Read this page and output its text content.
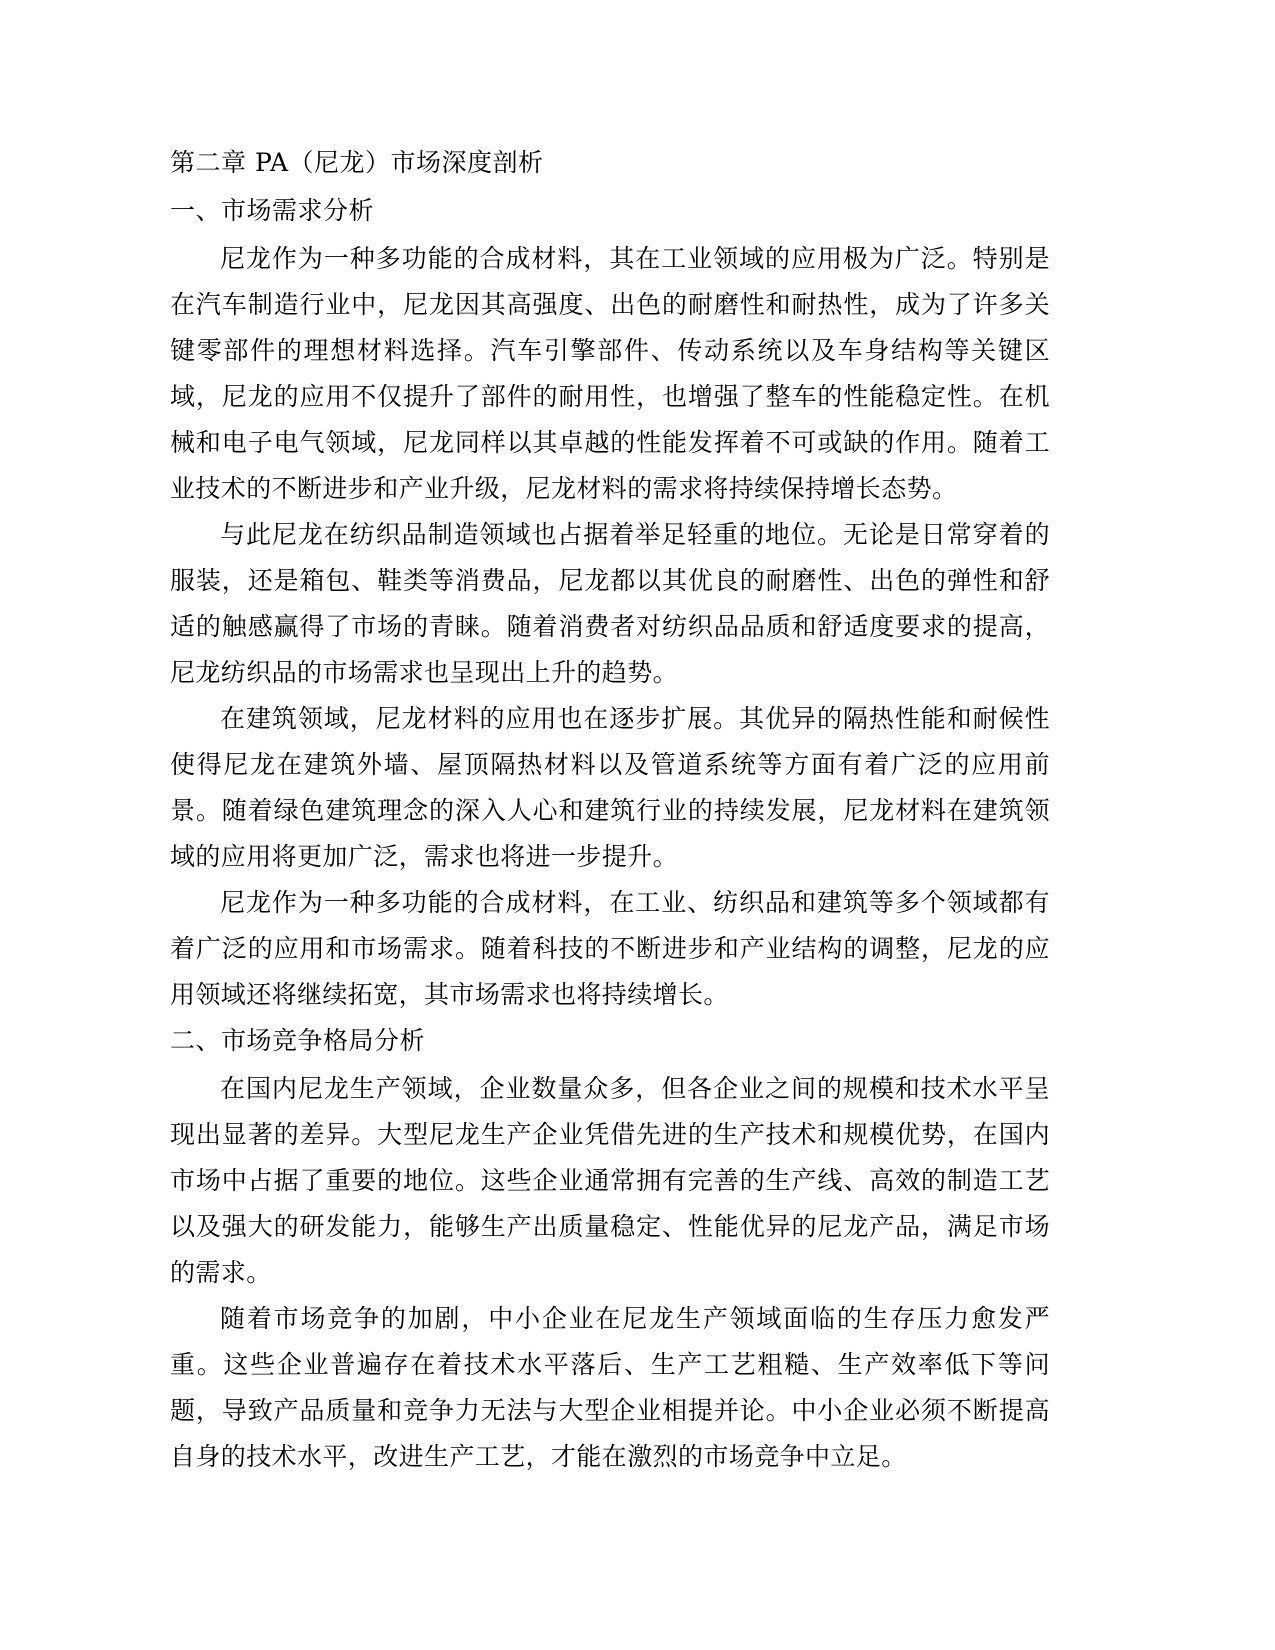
第二章 PA（尼龙）市场深度剖析

一、市场需求分析

尼龙作为一种多功能的合成材料，其在工业领域的应用极为广泛。特别是在汽车制造行业中，尼龙因其高强度、出色的耐磨性和耐热性，成为了许多关键零部件的理想材料选择。汽车引擎部件、传动系统以及车身结构等关键区域，尼龙的应用不仅提升了部件的耐用性，也增强了整车的性能稳定性。在机械和电子电气领域，尼龙同样以其卓越的性能发挥着不可或缺的作用。随着工业技术的不断进步和产业升级，尼龙材料的需求将持续保持增长态势。

与此尼龙在纺织品制造领域也占据着举足轻重的地位。无论是日常穿着的服装，还是箱包、鞋类等消费品，尼龙都以其优良的耐磨性、出色的弹性和舒适的触感赢得了市场的青睐。随着消费者对纺织品品质和舒适度要求的提高，尼龙纺织品的市场需求也呈现出上升的趋势。

在建筑领域，尼龙材料的应用也在逐步扩展。其优异的隔热性能和耐候性使得尼龙在建筑外墙、屋顶隔热材料以及管道系统等方面有着广泛的应用前景。随着绿色建筑理念的深入人心和建筑行业的持续发展，尼龙材料在建筑领域的应用将更加广泛，需求也将进一步提升。

尼龙作为一种多功能的合成材料，在工业、纺织品和建筑等多个领域都有着广泛的应用和市场需求。随着科技的不断进步和产业结构的调整，尼龙的应用领域还将继续拓宽，其市场需求也将持续增长。

二、市场竞争格局分析

在国内尼龙生产领域，企业数量众多，但各企业之间的规模和技术水平呈现出显著的差异。大型尼龙生产企业凭借先进的生产技术和规模优势，在国内市场中占据了重要的地位。这些企业通常拥有完善的生产线、高效的制造工艺以及强大的研发能力，能够生产出质量稳定、性能优异的尼龙产品，满足市场的需求。

随着市场竞争的加剧，中小企业在尼龙生产领域面临的生存压力愈发严重。这些企业普遍存在着技术水平落后、生产工艺粗糙、生产效率低下等问题，导致产品质量和竞争力无法与大型企业相提并论。中小企业必须不断提高自身的技术水平，改进生产工艺，才能在激烈的市场竞争中立足。
